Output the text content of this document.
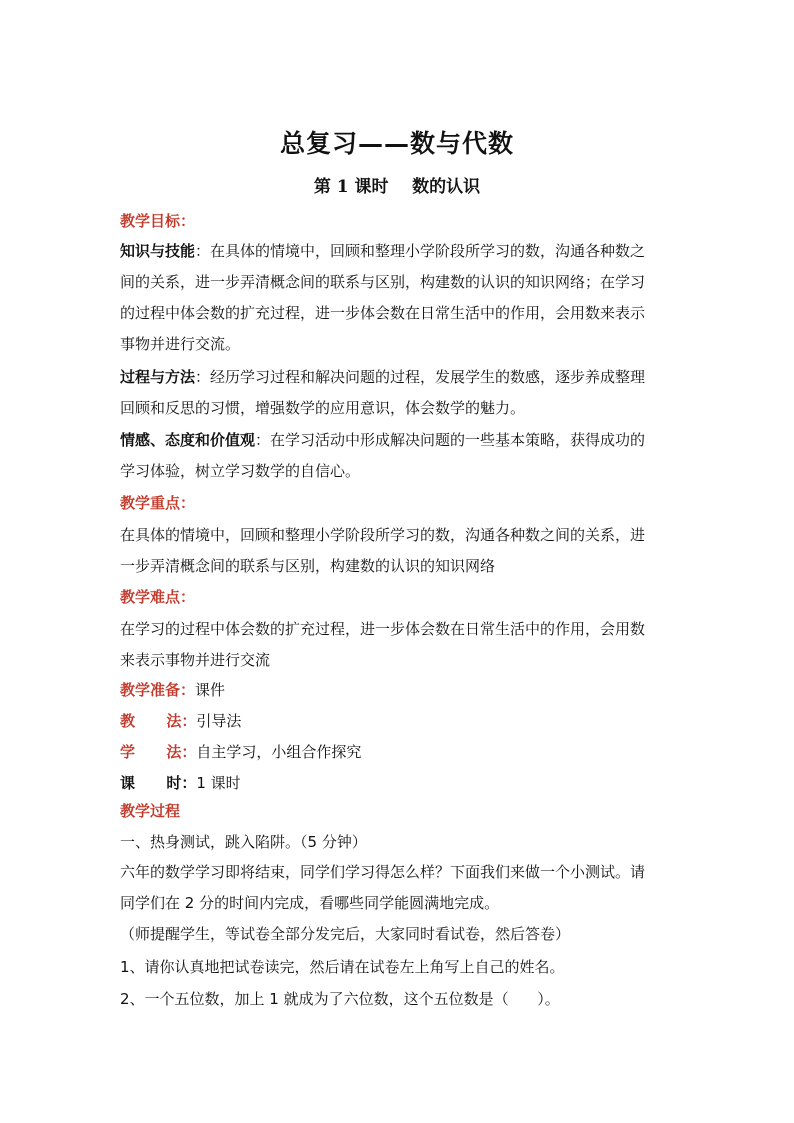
总复习——数与代数
第 1 课时    数的认识
教学目标：
知识与技能：在具体的情境中，回顾和整理小学阶段所学习的数，沟通各种数之
间的关系，进一步弄清概念间的联系与区别，构建数的认识的知识网络；在学习
的过程中体会数的扩充过程，进一步体会数在日常生活中的作用，会用数来表示
事物并进行交流。
过程与方法：经历学习过程和解决问题的过程，发展学生的数感，逐步养成整理
回顾和反思的习惯，增强数学的应用意识，体会数学的魅力。
情感、态度和价值观：在学习活动中形成解决问题的一些基本策略，获得成功的
学习体验，树立学习数学的自信心。
教学重点：
在具体的情境中，回顾和整理小学阶段所学习的数，沟通各种数之间的关系，进
一步弄清概念间的联系与区别，构建数的认识的知识网络
教学难点：
在学习的过程中体会数的扩充过程，进一步体会数在日常生活中的作用，会用数
来表示事物并进行交流
教学准备：课件
教      法：引导法
学      法：自主学习，小组合作探究
课      时：1 课时
教学过程
一、热身测试，跳入陷阱。（5 分钟）
六年的数学学习即将结束，同学们学习得怎么样？下面我们来做一个小测试。请
同学们在 2 分的时间内完成，看哪些同学能圆满地完成。
（师提醒学生，等试卷全部分发完后，大家同时看试卷，然后答卷）
1、请你认真地把试卷读完，然后请在试卷左上角写上自己的姓名。
2、一个五位数，加上 1 就成为了六位数，这个五位数是（      ）。
